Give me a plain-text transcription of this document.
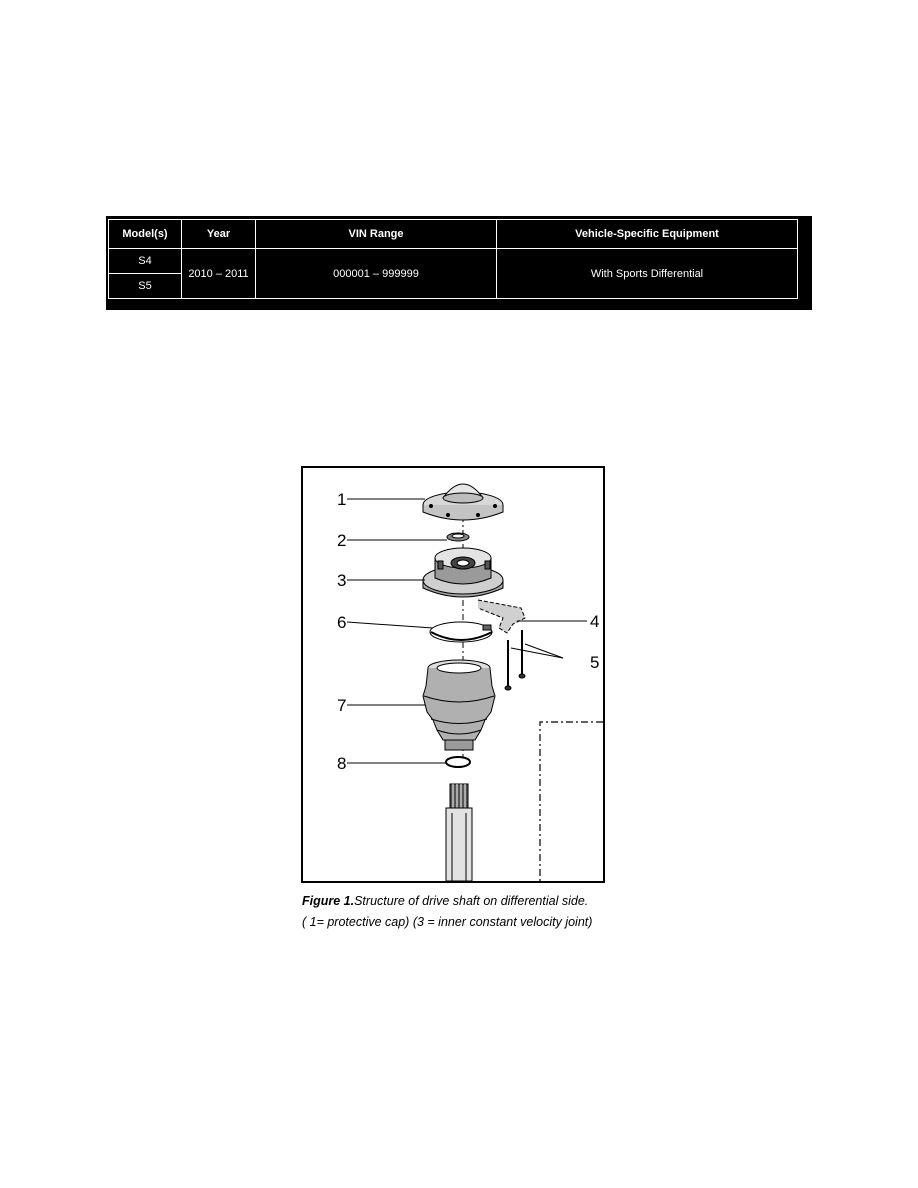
Model(s)	Year	VIN Range	Vehicle-Specific Equipment
S4	2010 – 2011	000001 – 999999	With Sports Differential
S5			
1
2
3
4
5
6
7
8
Figure 1.Structure of drive shaft on differential side.
( 1= protective cap) (3 = inner constant velocity joint)
